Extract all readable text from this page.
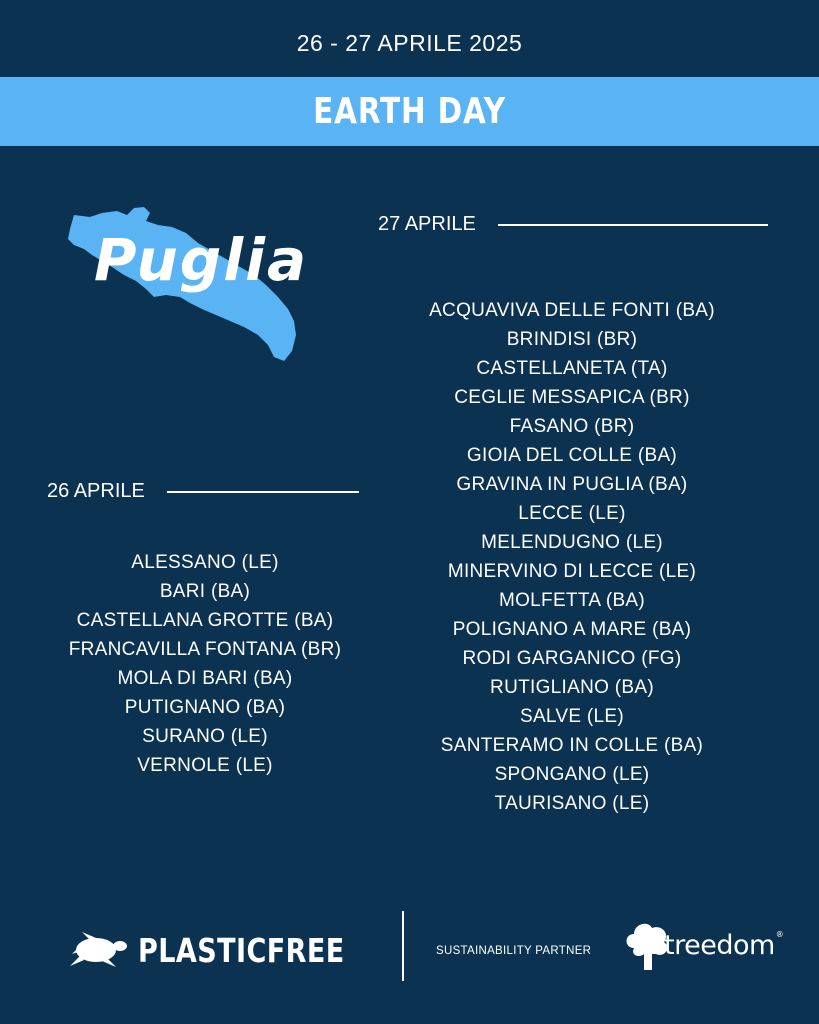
26 - 27 APRILE 2025
EARTH DAY
Puglia
27 APRILE
ACQUAVIVA DELLE FONTI (BA)
BRINDISI (BR)
CASTELLANETA (TA)
CEGLIE MESSAPICA (BR)
FASANO (BR)
GIOIA DEL COLLE (BA)
GRAVINA IN PUGLIA (BA)
LECCE (LE)
MELENDUGNO (LE)
MINERVINO DI LECCE (LE)
MOLFETTA (BA)
POLIGNANO A MARE (BA)
RODI GARGANICO (FG)
RUTIGLIANO (BA)
SALVE (LE)
SANTERAMO IN COLLE (BA)
SPONGANO (LE)
TAURISANO (LE)
26 APRILE
ALESSANO (LE)
BARI (BA)
CASTELLANA GROTTE (BA)
FRANCAVILLA FONTANA (BR)
MOLA DI BARI (BA)
PUTIGNANO (BA)
SURANO (LE)
VERNOLE (LE)
PLASTICFREE	SUSTAINABILITY PARTNER	treedom®
